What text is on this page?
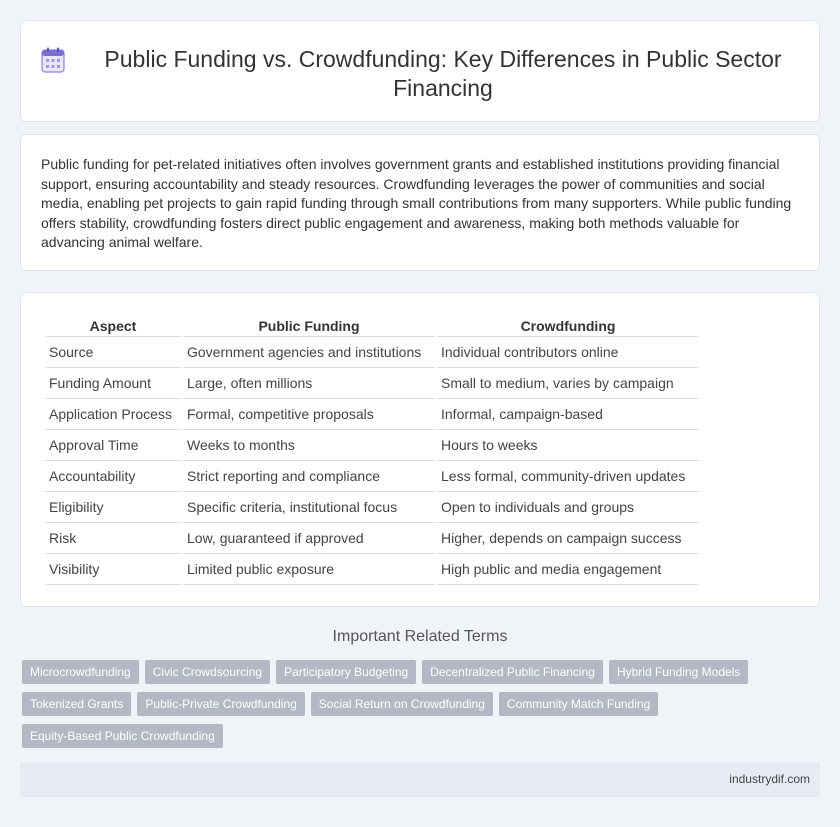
Public Funding vs. Crowdfunding: Key Differences in Public Sector Financing

Public funding for pet-related initiatives often involves government grants and established institutions providing financial support, ensuring accountability and steady resources. Crowdfunding leverages the power of communities and social media, enabling pet projects to gain rapid funding through small contributions from many supporters. While public funding offers stability, crowdfunding fosters direct public engagement and awareness, making both methods valuable for advancing animal welfare.

Aspect	Public Funding	Crowdfunding
Source	Government agencies and institutions	Individual contributors online
Funding Amount	Large, often millions	Small to medium, varies by campaign
Application Process	Formal, competitive proposals	Informal, campaign-based
Approval Time	Weeks to months	Hours to weeks
Accountability	Strict reporting and compliance	Less formal, community-driven updates
Eligibility	Specific criteria, institutional focus	Open to individuals and groups
Risk	Low, guaranteed if approved	Higher, depends on campaign success
Visibility	Limited public exposure	High public and media engagement
Important Related Terms
Microcrowdfunding	Civic Crowdsourcing	Participatory Budgeting	Decentralized Public Financing	Hybrid Funding Models
Tokenized Grants	Public-Private Crowdfunding	Social Return on Crowdfunding	Community Match Funding
Equity-Based Public Crowdfunding
industrydif.com
